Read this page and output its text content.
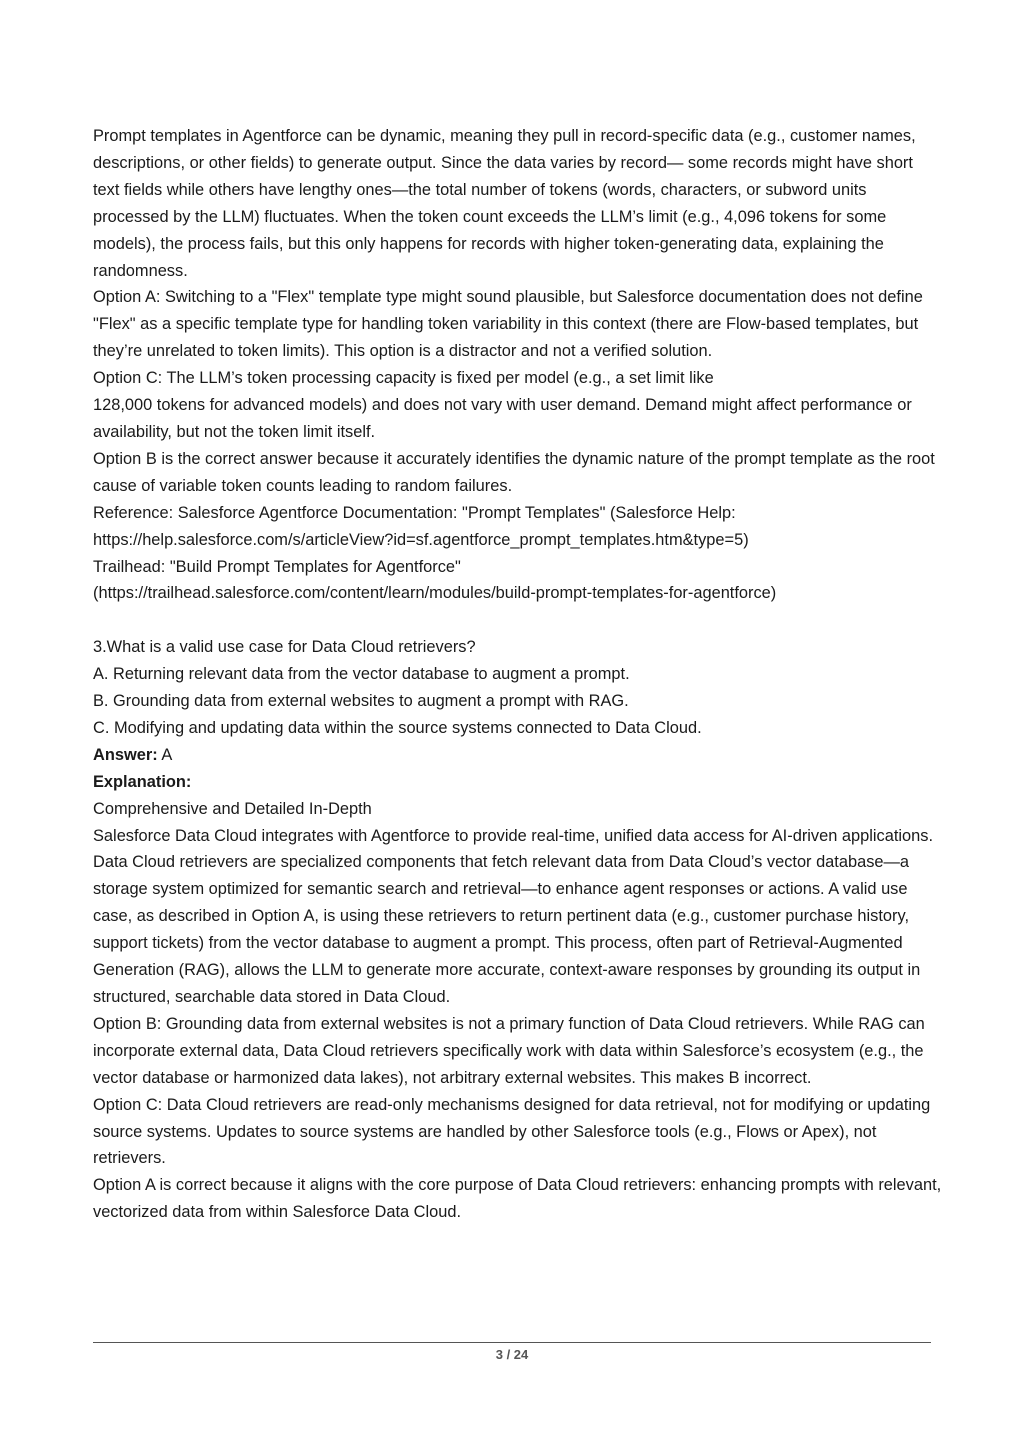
Prompt templates in Agentforce can be dynamic, meaning they pull in record-specific data (e.g., customer names, descriptions, or other fields) to generate output. Since the data varies by record— some records might have short text fields while others have lengthy ones—the total number of tokens (words, characters, or subword units processed by the LLM) fluctuates. When the token count exceeds the LLM’s limit (e.g., 4,096 tokens for some models), the process fails, but this only happens for records with higher token-generating data, explaining the randomness.

Option A: Switching to a "Flex" template type might sound plausible, but Salesforce documentation does not define "Flex" as a specific template type for handling token variability in this context (there are Flow-based templates, but they’re unrelated to token limits). This option is a distractor and not a verified solution.

Option C: The LLM’s token processing capacity is fixed per model (e.g., a set limit like

128,000 tokens for advanced models) and does not vary with user demand. Demand might affect performance or availability, but not the token limit itself.

Option B is the correct answer because it accurately identifies the dynamic nature of the prompt template as the root cause of variable token counts leading to random failures.

Reference: Salesforce Agentforce Documentation: "Prompt Templates" (Salesforce Help:

https://help.salesforce.com/s/articleView?id=sf.agentforce_prompt_templates.htm&type=5)

Trailhead: "Build Prompt Templates for Agentforce"

(https://trailhead.salesforce.com/content/learn/modules/build-prompt-templates-for-agentforce)

3.What is a valid use case for Data Cloud retrievers?

A. Returning relevant data from the vector database to augment a prompt.

B. Grounding data from external websites to augment a prompt with RAG.

C. Modifying and updating data within the source systems connected to Data Cloud.

Answer: A

Explanation:

Comprehensive and Detailed In-Depth

Salesforce Data Cloud integrates with Agentforce to provide real-time, unified data access for AI-driven applications. Data Cloud retrievers are specialized components that fetch relevant data from Data Cloud’s vector database—a storage system optimized for semantic search and retrieval—to enhance agent responses or actions. A valid use case, as described in Option A, is using these retrievers to return pertinent data (e.g., customer purchase history, support tickets) from the vector database to augment a prompt. This process, often part of Retrieval-Augmented Generation (RAG), allows the LLM to generate more accurate, context-aware responses by grounding its output in structured, searchable data stored in Data Cloud.

Option B: Grounding data from external websites is not a primary function of Data Cloud retrievers. While RAG can incorporate external data, Data Cloud retrievers specifically work with data within Salesforce’s ecosystem (e.g., the vector database or harmonized data lakes), not arbitrary external websites. This makes B incorrect.

Option C: Data Cloud retrievers are read-only mechanisms designed for data retrieval, not for modifying or updating source systems. Updates to source systems are handled by other Salesforce tools (e.g., Flows or Apex), not retrievers.

Option A is correct because it aligns with the core purpose of Data Cloud retrievers: enhancing prompts with relevant, vectorized data from within Salesforce Data Cloud.

3 / 24
